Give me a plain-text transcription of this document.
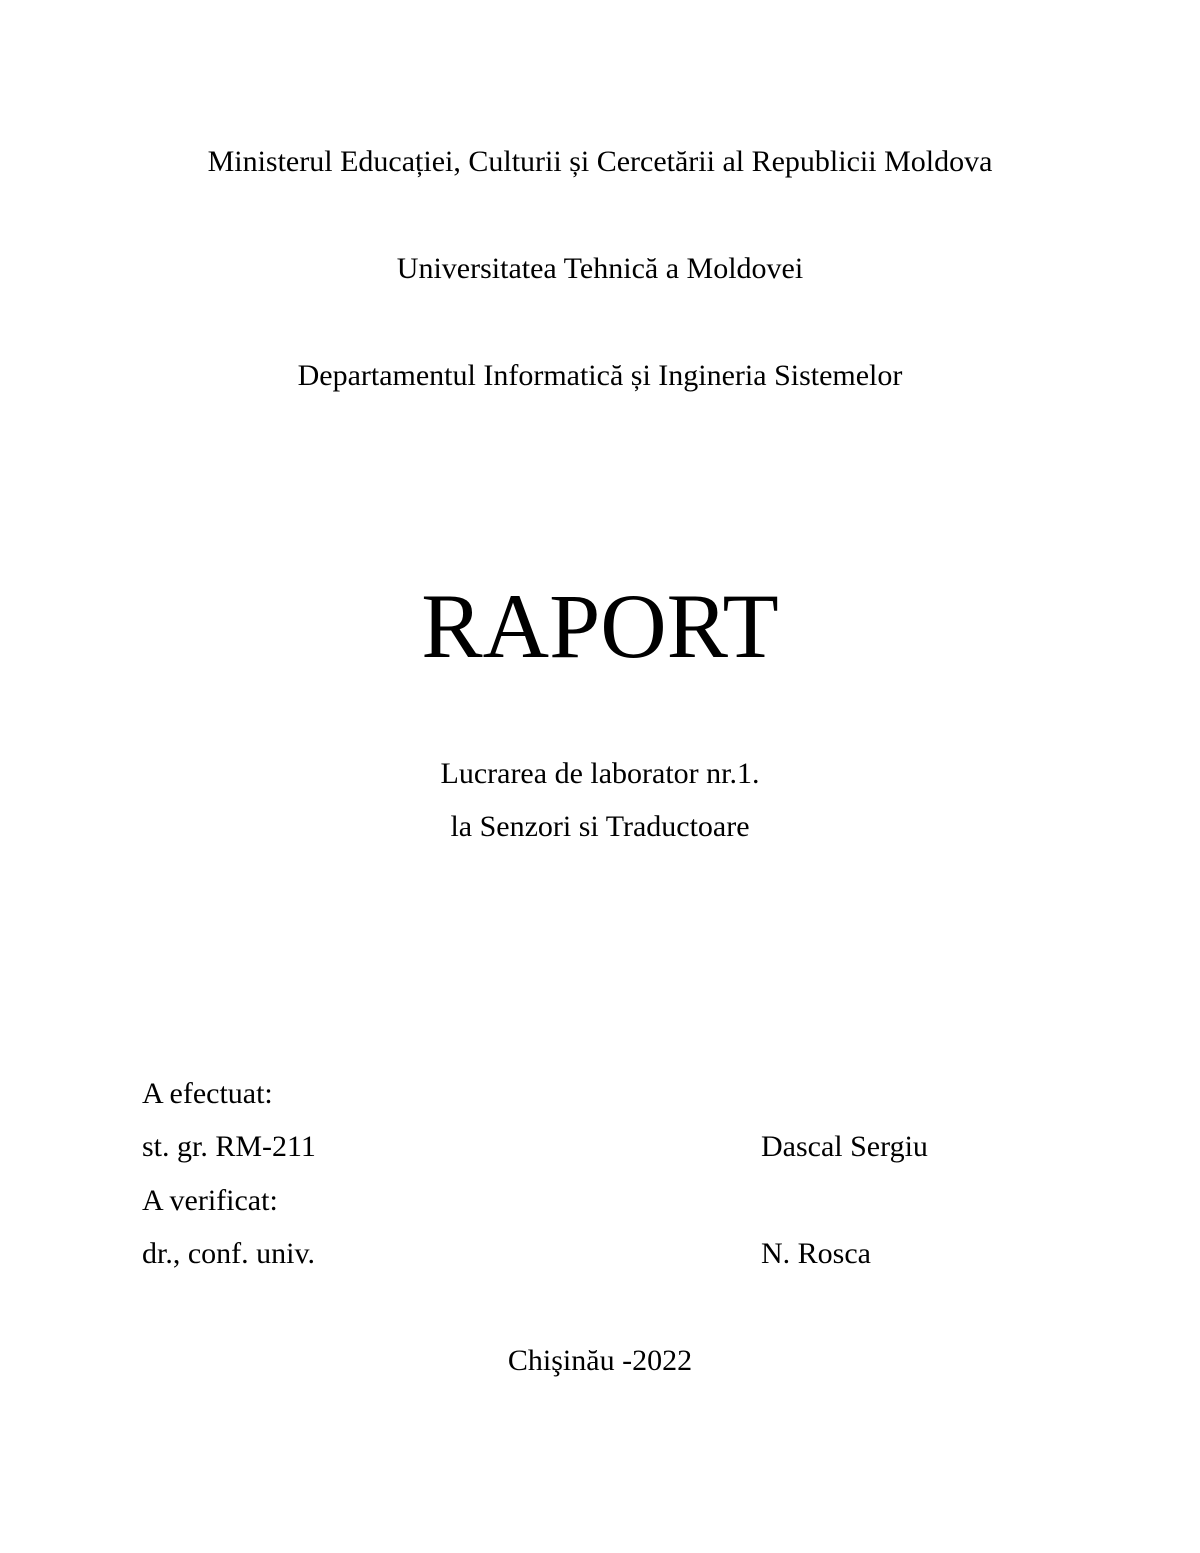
Ministerul Educației, Culturii și Cercetării al Republicii Moldova
Universitatea Tehnică a Moldovei
Departamentul Informatică și Ingineria Sistemelor
RAPORT
Lucrarea de laborator nr.1.
la Senzori si Traductoare
A efectuat:
st. gr. RM-211	Dascal Sergiu
A verificat:
dr., conf. univ.	N. Rosca
Chişinău -2022
